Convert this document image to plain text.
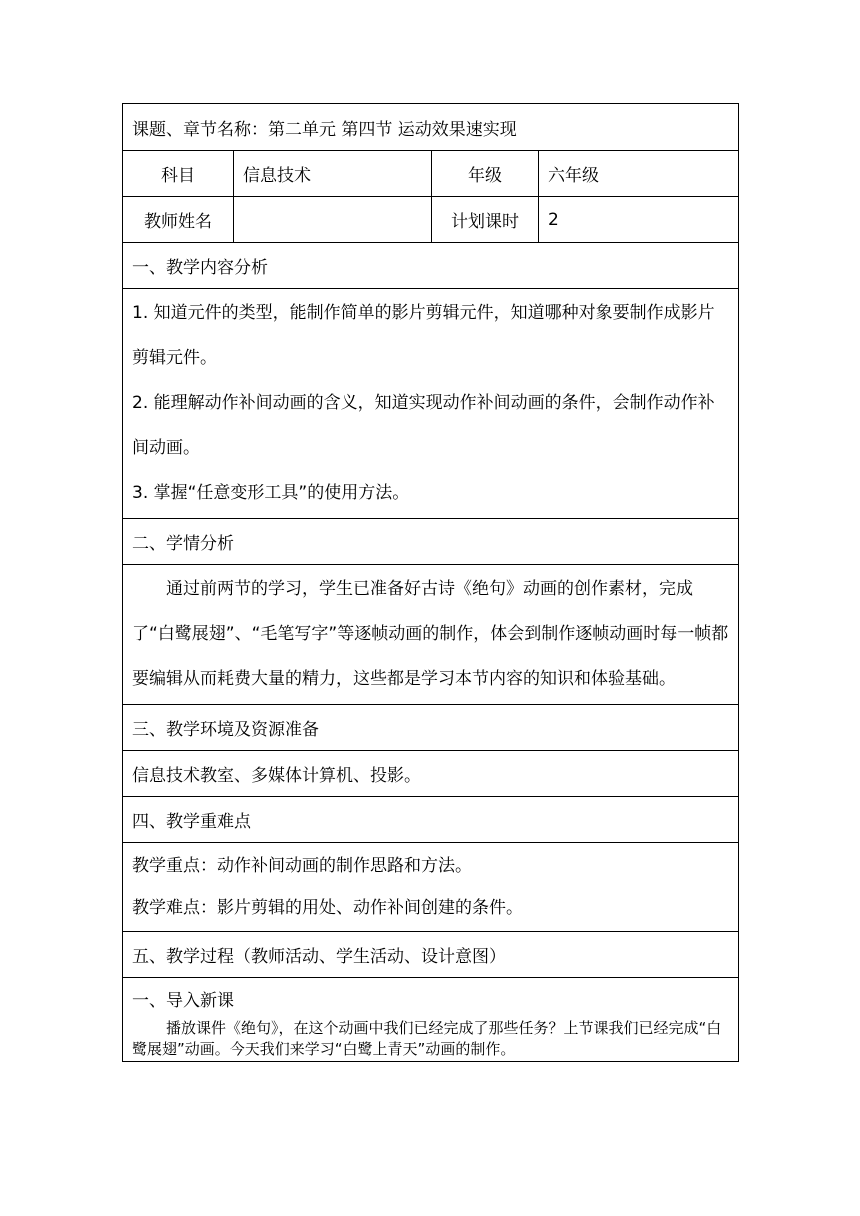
课题、章节名称：第二单元 第四节 运动效果速实现			
科目	信息技术	年级	六年级
教师姓名		计划课时	2
一、教学内容分析			

1. 知道元件的类型，能制作简单的影片剪辑元件，知道哪种对象要制作成影片剪辑元件。

2. 能理解动作补间动画的含义，知道实现动作补间动画的条件，会制作动作补间动画。

3. 掌握“任意变形工具”的使用方法。			

二、学情分析			

通过前两节的学习，学生已准备好古诗《绝句》动画的创作素材，完成了“白鹭展翅”、“毛笔写字”等逐帧动画的制作，体会到制作逐帧动画时每一帧都要编辑从而耗费大量的精力，这些都是学习本节内容的知识和体验基础。			

三、教学环境及资源准备			
信息技术教室、多媒体计算机、投影。			
四、教学重难点			

教学重点：动作补间动画的制作思路和方法。

教学难点：影片剪辑的用处、动作补间创建的条件。			

五、教学过程（教师活动、学生活动、设计意图）			

一、导入新课

播放课件《绝句》，在这个动画中我们已经完成了那些任务？上节课我们已经完成“白鹭展翅”动画。今天我们来学习“白鹭上青天”动画的制作。			
